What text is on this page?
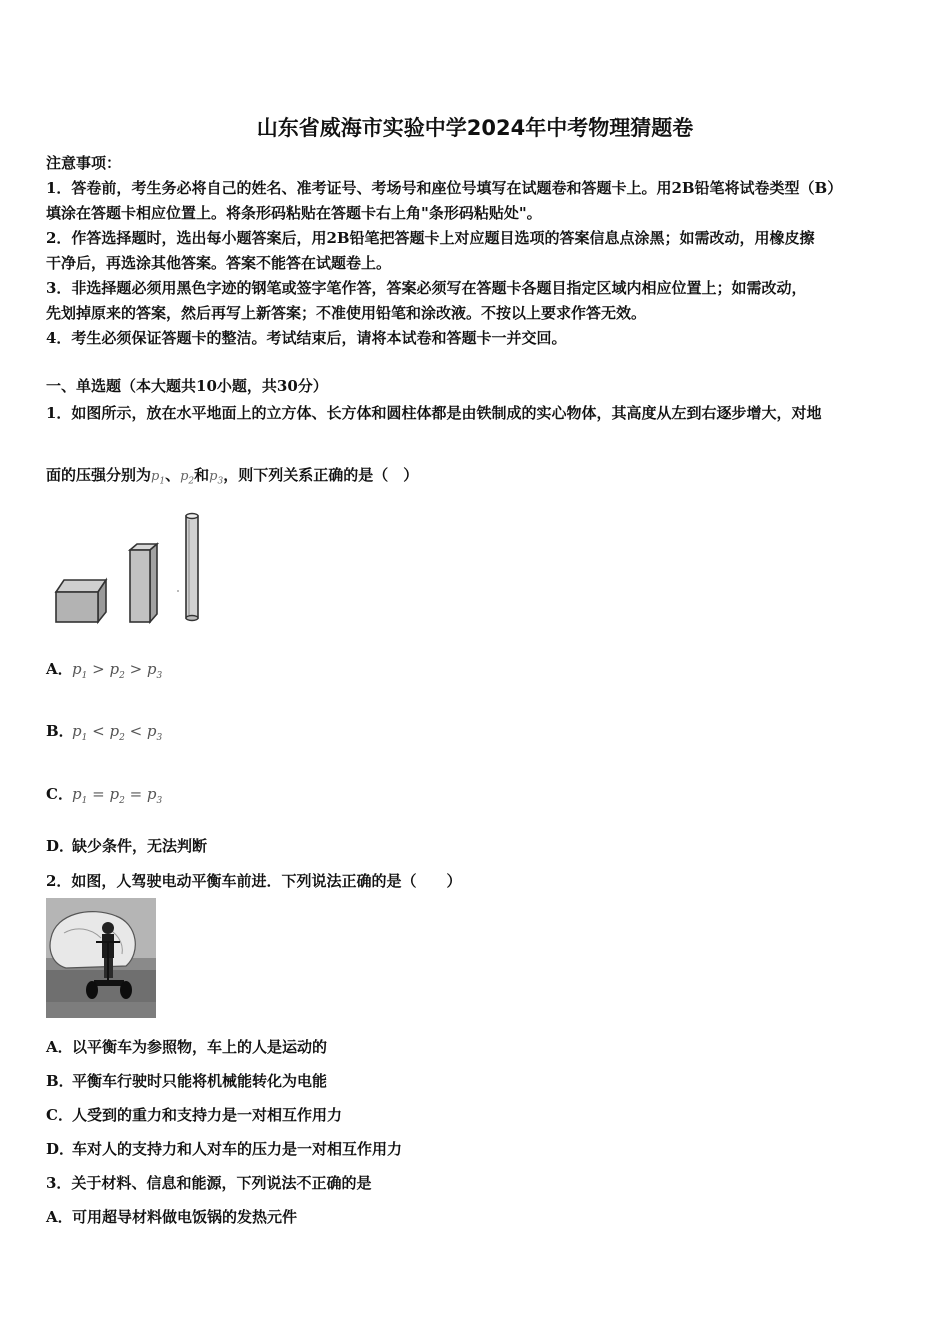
山东省威海市实验中学2024年中考物理猜题卷
注意事项：
1．答卷前，考生务必将自己的姓名、准考证号、考场号和座位号填写在试题卷和答题卡上。用2B铅笔将试卷类型（B）
填涂在答题卡相应位置上。将条形码粘贴在答题卡右上角"条形码粘贴处"。
2．作答选择题时，选出每小题答案后，用2B铅笔把答题卡上对应题目选项的答案信息点涂黑；如需改动，用橡皮擦
干净后，再选涂其他答案。答案不能答在试题卷上。
3．非选择题必须用黑色字迹的钢笔或签字笔作答，答案必须写在答题卡各题目指定区域内相应位置上；如需改动，
先划掉原来的答案，然后再写上新答案；不准使用铅笔和涂改液。不按以上要求作答无效。
4．考生必须保证答题卡的整洁。考试结束后，请将本试卷和答题卡一并交回。
一、单选题（本大题共10小题，共30分）
1．如图所示，放在水平地面上的立方体、长方体和圆柱体都是由铁制成的实心物体，其高度从左到右逐步增大，对地
面的压强分别为$p_1$、$p_2$和$p_3$，则下列关系正确的是（　）
A．$p_1 > p_2 > p_3$
B．$p_1 < p_2 < p_3$
C．$p_1 = p_2 = p_3$
D．缺少条件，无法判断
2．如图，人驾驶电动平衡车前进．下列说法正确的是（　　）
A．以平衡车为参照物，车上的人是运动的
B．平衡车行驶时只能将机械能转化为电能
C．人受到的重力和支持力是一对相互作用力
D．车对人的支持力和人对车的压力是一对相互作用力
3．关于材料、信息和能源，下列说法不正确的是
A．可用超导材料做电饭锅的发热元件
